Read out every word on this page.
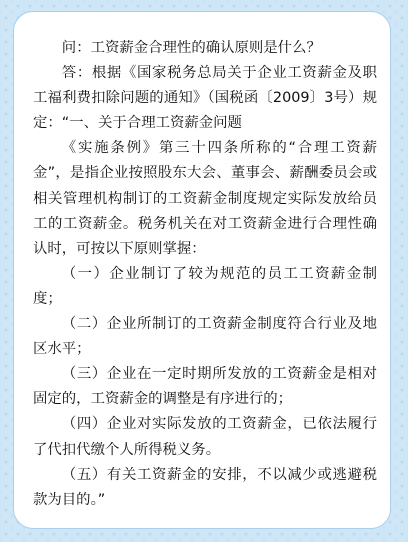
问：工资薪金合理性的确认原则是什么？

答：根据《国家税务总局关于企业工资薪金及职工福利费扣除问题的通知》（国税函〔2009〕3号）规定：“一、关于合理工资薪金问题

《实施条例》第三十四条所称的“合理工资薪金”，是指企业按照股东大会、董事会、薪酬委员会或相关管理机构制订的工资薪金制度规定实际发放给员工的工资薪金。税务机关在对工资薪金进行合理性确认时，可按以下原则掌握：

（一）企业制订了较为规范的员工工资薪金制度；

（二）企业所制订的工资薪金制度符合行业及地区水平；

（三）企业在一定时期所发放的工资薪金是相对固定的，工资薪金的调整是有序进行的；

（四）企业对实际发放的工资薪金，已依法履行了代扣代缴个人所得税义务。

（五）有关工资薪金的安排，不以减少或逃避税款为目的。”
